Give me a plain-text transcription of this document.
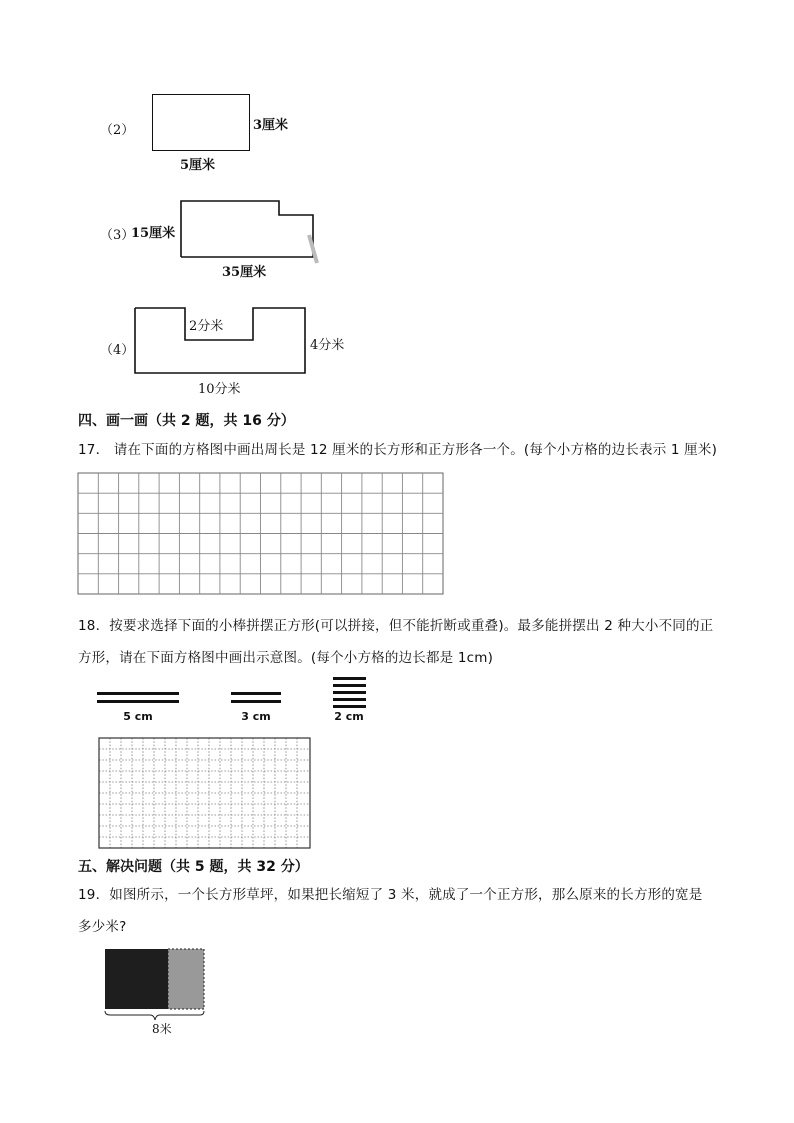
（2）	3厘米
5厘米
（3）
15厘米
35厘米
（4）
2分米
4分米
10分米
四、画一画（共 2 题，共 16 分）
17． 请在下面的方格图中画出周长是 12 厘米的长方形和正方形各一个。(每个小方格的边长表示 1 厘米)
18．按要求选择下面的小棒拼摆正方形(可以拼接，但不能折断或重叠)。最多能拼摆出 2 种大小不同的正
方形，请在下面方格图中画出示意图。(每个小方格的边长都是 1cm)
5 cm	3 cm	2 cm
五、解决问题（共 5 题，共 32 分）
19．如图所示，一个长方形草坪，如果把长缩短了 3 米，就成了一个正方形，那么原来的长方形的宽是
多少米?
8米
